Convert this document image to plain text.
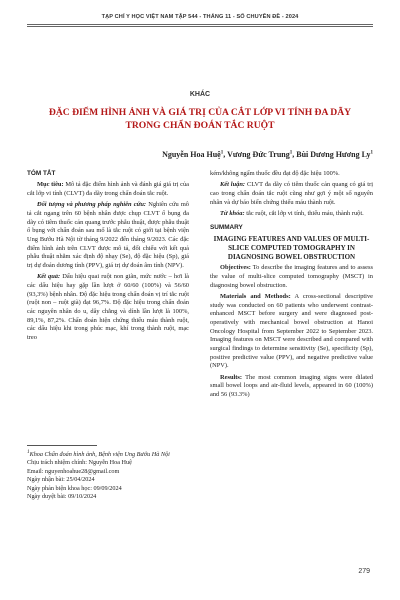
TẠP CHÍ Y HỌC VIỆT NAM TẬP 544 - THÁNG 11 - SỐ CHUYÊN ĐỀ - 2024
KHÁC
ĐẶC ĐIỂM HÌNH ẢNH VÀ GIÁ TRỊ CỦA CẮT LỚP VI TÍNH ĐA DÃY TRONG CHẨN ĐOÁN TẮC RUỘT
Nguyễn Hoa Huệ$^1$, Vương Đức Trung$^1$, Bùi Dương Hương Ly$^1$

TÓM TẮT

Mục tiêu: Mô tả đặc điểm hình ảnh và đánh giá giá trị của cắt lớp vi tính (CLVT) đa dãy trong chẩn đoán tắc ruột.

Đối tượng và phương pháp nghiên cứu: Nghiên cứu mô tả cắt ngang trên 60 bệnh nhân được chụp CLVT ổ bụng đa dãy có tiêm thuốc cản quang trước phẫu thuật, được phẫu thuật ổ bụng với chẩn đoán sau mổ là tắc ruột có giới tại bệnh viện Ung Bướu Hà Nội từ tháng 9/2022 đến tháng 9/2023. Các đặc điểm hình ảnh trên CLVT được mô tả, đối chiếu với kết quả phẫu thuật nhằm xác định độ nhạy (Se), độ đặc hiệu (Sp), giá trị dự đoán dương tính (PPV), giá trị dự đoán âm tính (NPV).

Kết quả: Dấu hiệu quai ruột non giãn, mức nước – hơi là các dấu hiệu hay gặp lần lượt ở 60/60 (100%) và 56/60 (93,3%) bệnh nhân. Độ đặc hiệu trong chẩn đoán vị trí tắc ruột (ruột non – ruột già) đạt 96,7%. Độ đặc hiệu trong chẩn đoán các nguyên nhân do u, dây chằng và dính lần lượt là 100%, 89,1%, 87,2%. Chẩn đoán hiện chứng thiếu máu thành ruột, các dấu hiệu khi trong phúc mạc, khí trong thành ruột, mạc treo

$^1$Khoa Chẩn đoán hình ảnh, Bệnh viện Ung Bướu Hà Nội
Chịu trách nhiệm chính: Nguyễn Hoa Huệ
Email: nguyenhoahue28@gmail.com
Ngày nhận bài: 25/04/2024
Ngày phản biện khoa học: 09/09/2024
Ngày duyệt bài: 09/10/2024

kém/không ngấm thuốc đều đạt độ đặc hiệu 100%.

Kết luận: CLVT đa dãy có tiêm thuốc cản quang có giá trị cao trong chẩn đoán tắc ruột cũng như gợi ý một số nguyên nhân và dự báo biến chứng thiếu máu thành ruột.

Từ khóa: tắc ruột, cắt lớp vi tính, thiếu máu, thành ruột.

SUMMARY

IMAGING FEATURES AND VALUES OF MULTI-SLICE COMPUTED TOMOGRAPHY IN DIAGNOSING BOWEL OBSTRUCTION

Objectives: To describe the imaging features and to assess the value of multi-slice computed tomography (MSCT) in diagnosing bowel obstruction.

Materials and Methods: A cross-sectional descriptive study was conducted on 60 patients who underwent contrast-enhanced MSCT before surgery and were diagnosed post-operatively with mechanical bowel obstruction at Hanoi Oncology Hospital from September 2022 to September 2023. Imaging features on MSCT were described and compared with surgical findings to determine sensitivity (Se), specificity (Sp), positive predictive value (PPV), and negative predictive value (NPV).

Results: The most common imaging signs were dilated small bowel loops and air-fluid levels, appeared in 60 (100%) and 56 (93.3%)

279
